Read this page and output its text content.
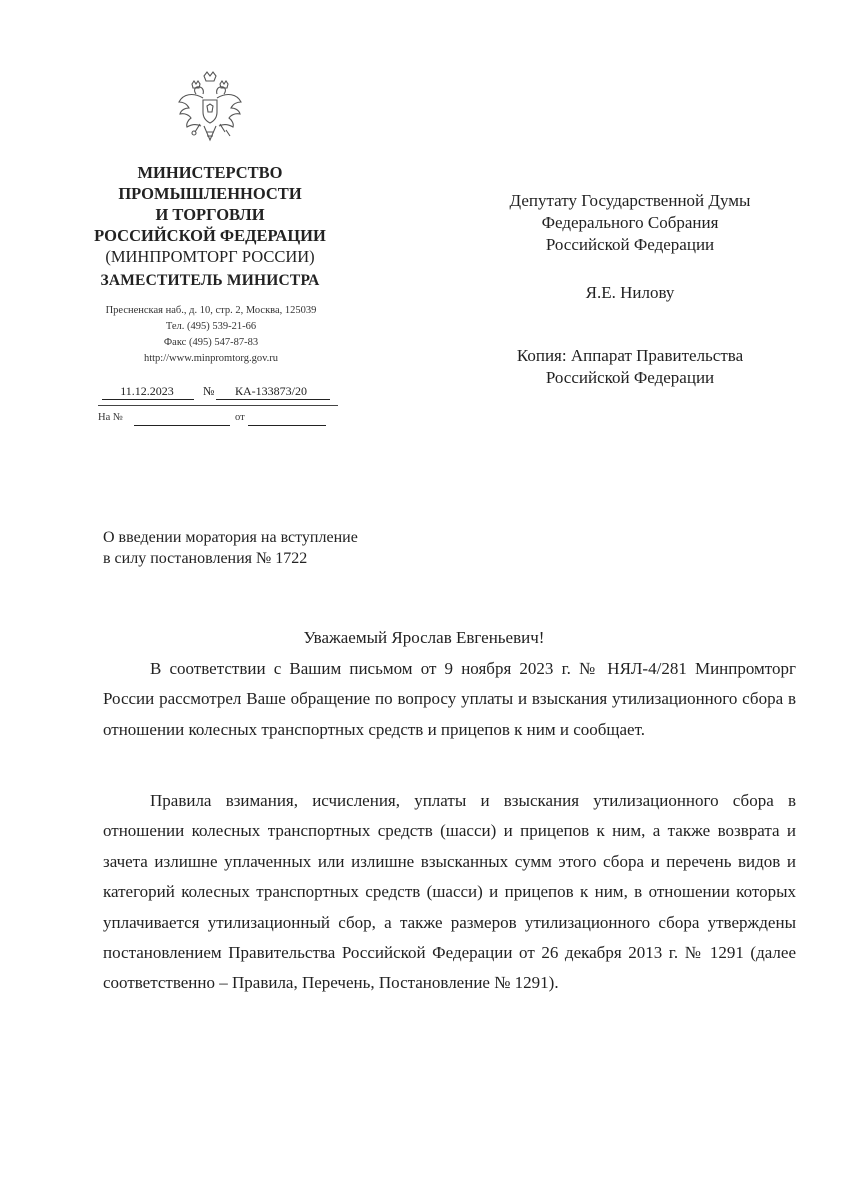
МИНИСТЕРСТВО
ПРОМЫШЛЕННОСТИ
И ТОРГОВЛИ
РОССИЙСКОЙ ФЕДЕРАЦИИ
(МИНПРОМТОРГ РОССИИ)
ЗАМЕСТИТЕЛЬ МИНИСТРА
Пресненская наб., д. 10, стр. 2, Москва, 125039
Тел. (495) 539-21-66
Факс (495) 547-87-83
http://www.minpromtorg.gov.ru
11.12.2023	№	КА-133873/20
На №	от
Депутату Государственной Думы
Федерального Собрания
Российской Федерации
Я.Е. Нилову
Копия: Аппарат Правительства
Российской Федерации
О введении моратория на вступление
в силу постановления № 1722
Уважаемый Ярослав Евгеньевич!

В соответствии с Вашим письмом от 9 ноября 2023 г. № НЯЛ-4/281 Минпромторг России рассмотрел Ваше обращение по вопросу уплаты и взыскания утилизационного сбора в отношении колесных транспортных средств и прицепов к ним и сообщает.

Правила взимания, исчисления, уплаты и взыскания утилизационного сбора в отношении колесных транспортных средств (шасси) и прицепов к ним, а также возврата и зачета излишне уплаченных или излишне взысканных сумм этого сбора и перечень видов и категорий колесных транспортных средств (шасси) и прицепов к ним, в отношении которых уплачивается утилизационный сбор, а также размеров утилизационного сбора утверждены постановлением Правительства Российской Федерации от 26 декабря 2013 г. № 1291 (далее соответственно – Правила, Перечень, Постановление № 1291).
